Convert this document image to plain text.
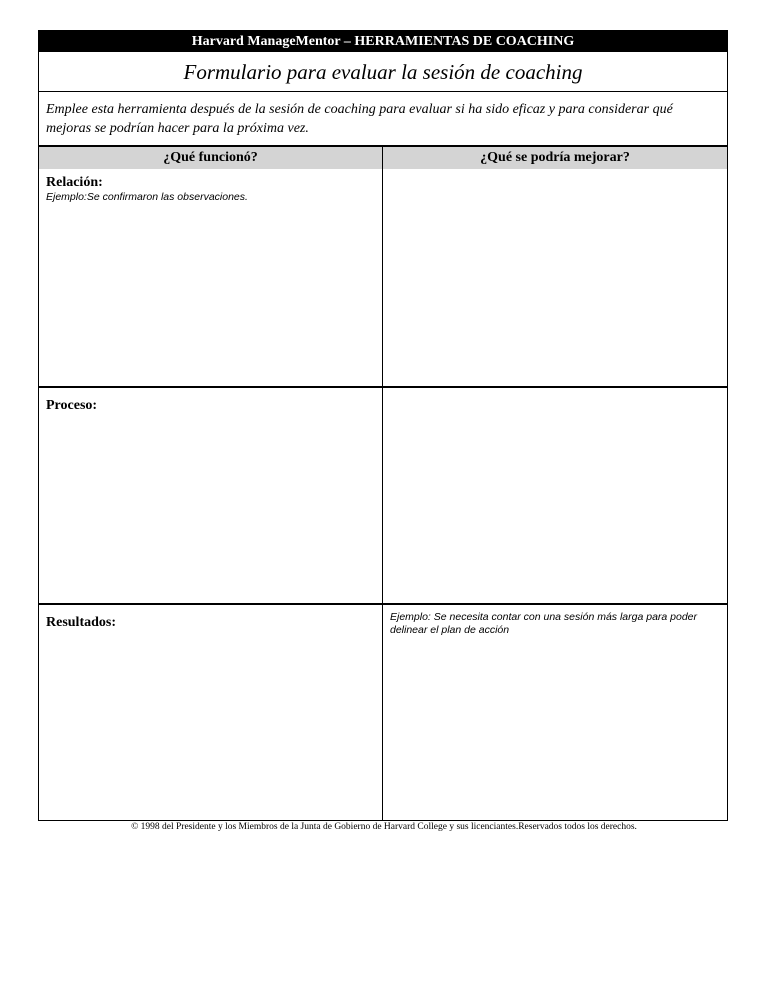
Harvard ManageMentor – HERRAMIENTAS DE COACHING
Formulario para evaluar la sesión de coaching
Emplee esta herramienta después de la sesión de coaching para evaluar si ha sido eficaz y para considerar qué mejoras se podrían hacer para la próxima vez.
¿Qué funcionó?	¿Qué se podría mejorar?
Relación:
Ejemplo:Se confirmaron las observaciones.
Proceso:
Resultados:	Ejemplo: Se necesita contar con una sesión más larga para poder delinear el plan de acción
© 1998 del Presidente y los Miembros de la Junta de Gobierno de Harvard College y sus licenciantes.Reservados todos los derechos.
